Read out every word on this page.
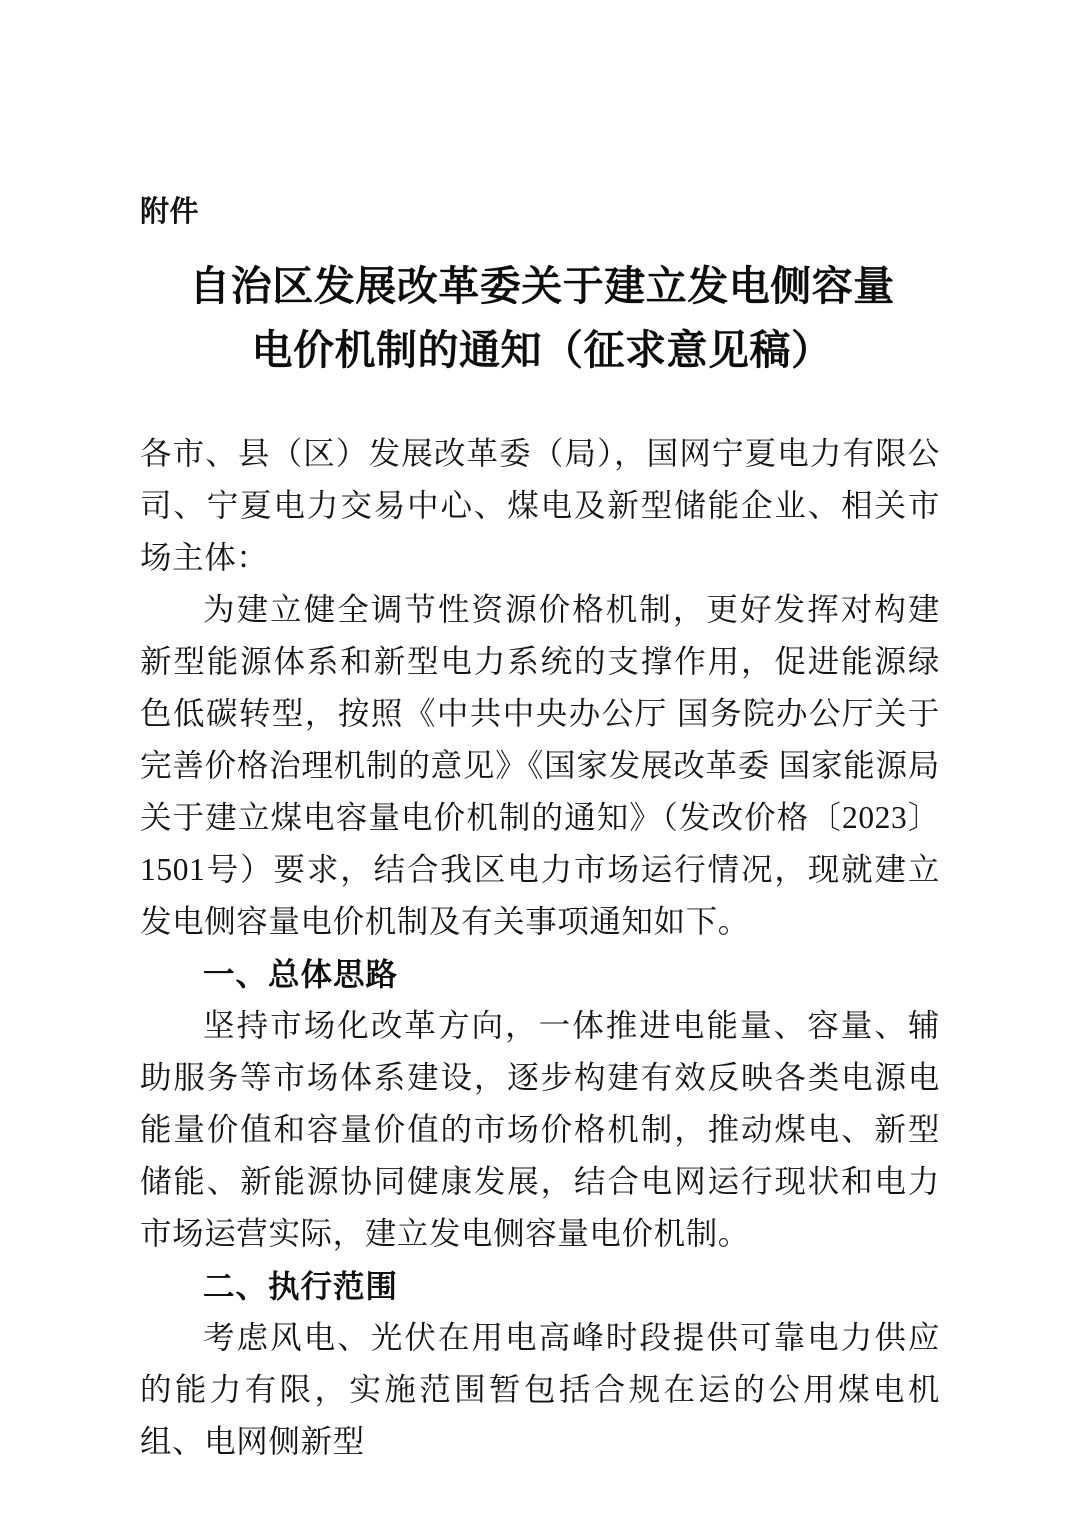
附件
自治区发展改革委关于建立发电侧容量
电价机制的通知（征求意见稿）

各市、县（区）发展改革委（局），国网宁夏电力有限公司、宁夏电力交易中心、煤电及新型储能企业、相关市场主体：

为建立健全调节性资源价格机制，更好发挥对构建新型能源体系和新型电力系统的支撑作用，促进能源绿色低碳转型，按照《中共中央办公厅 国务院办公厅关于完善价格治理机制的意见》《国家发展改革委 国家能源局关于建立煤电容量电价机制的通知》（发改价格〔2023〕1501号）要求，结合我区电力市场运行情况，现就建立发电侧容量电价机制及有关事项通知如下。

一、总体思路

坚持市场化改革方向，一体推进电能量、容量、辅助服务等市场体系建设，逐步构建有效反映各类电源电能量价值和容量价值的市场价格机制，推动煤电、新型储能、新能源协同健康发展，结合电网运行现状和电力市场运营实际，建立发电侧容量电价机制。

二、执行范围

考虑风电、光伏在用电高峰时段提供可靠电力供应的能力有限，实施范围暂包括合规在运的公用煤电机组、电网侧新型
